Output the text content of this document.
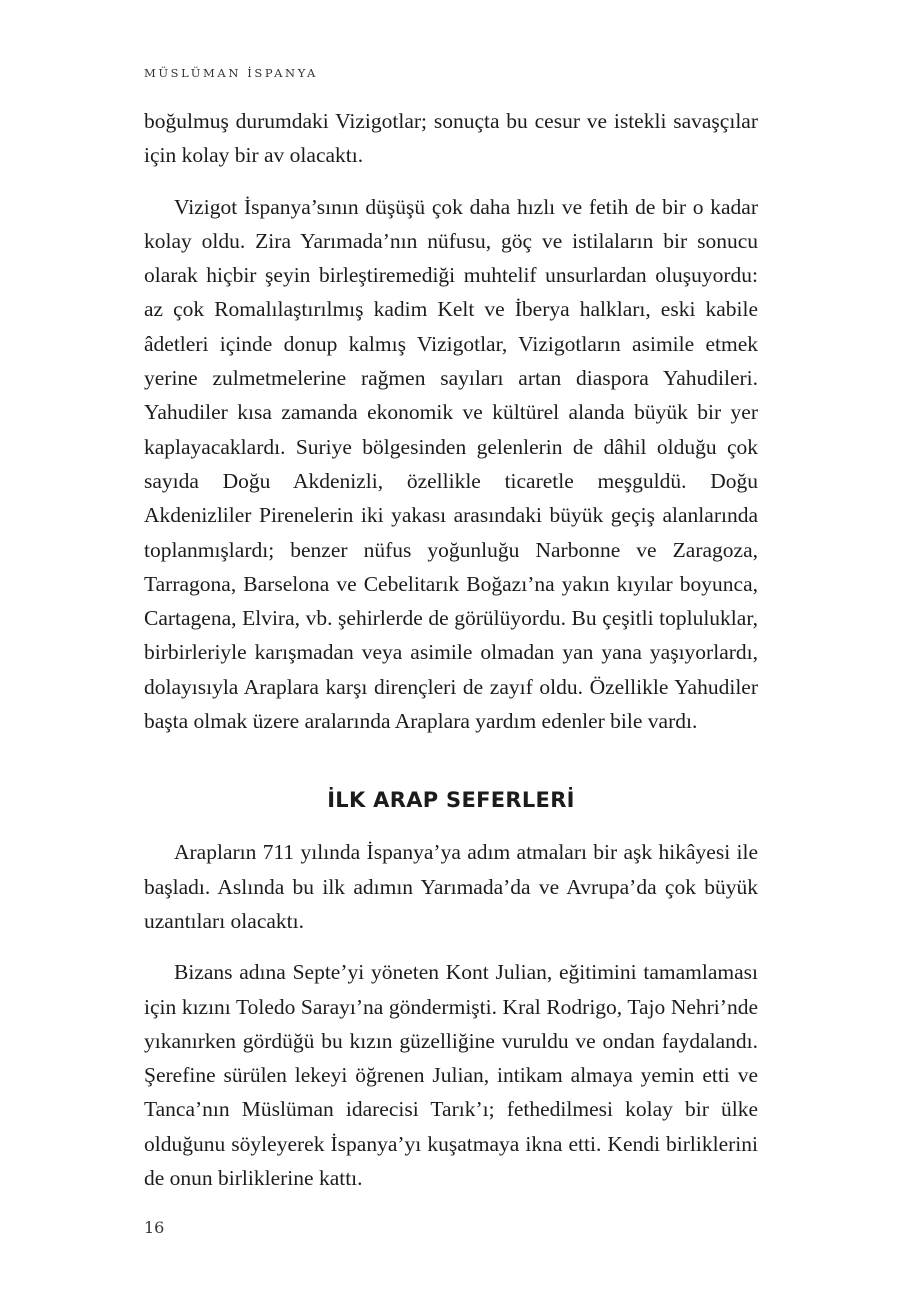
MÜSLÜMAN İSPANYA

boğulmuş durumdaki Vizigotlar; sonuçta bu cesur ve istekli savaşçılar için kolay bir av olacaktı.

Vizigot İspanya’sının düşüşü çok daha hızlı ve fetih de bir o kadar kolay oldu. Zira Yarımada’nın nüfusu, göç ve istilaların bir sonucu olarak hiçbir şeyin birleştiremediği muhtelif unsurlardan oluşuyordu: az çok Romalılaştırılmış kadim Kelt ve İberya halkları, eski kabile âdetleri içinde donup kalmış Vizigotlar, Vizigotların asimile etmek yerine zulmetmelerine rağmen sayıları artan diaspora Yahudileri. Yahudiler kısa zamanda ekonomik ve kültürel alanda büyük bir yer kaplayacaklardı. Suriye bölgesinden gelenlerin de dâhil olduğu çok sayıda Doğu Akdenizli, özellikle ticaretle meşguldü. Doğu Akdenizliler Pirenelerin iki yakası arasındaki büyük geçiş alanlarında toplanmışlardı; benzer nüfus yoğunluğu Narbonne ve Zaragoza, Tarragona, Barselona ve Cebelitarık Boğazı’na yakın kıyılar boyunca, Cartagena, Elvira, vb. şehirlerde de görülüyordu. Bu çeşitli topluluklar, birbirleriyle karışmadan veya asimile olmadan yan yana yaşıyorlardı, dolayısıyla Araplara karşı dirençleri de zayıf oldu. Özellikle Yahudiler başta olmak üzere aralarında Araplara yardım edenler bile vardı.

İLK ARAP SEFERLERİ

Arapların 711 yılında İspanya’ya adım atmaları bir aşk hikâyesi ile başladı. Aslında bu ilk adımın Yarımada’da ve Avrupa’da çok büyük uzantıları olacaktı.

Bizans adına Septe’yi yöneten Kont Julian, eğitimini tamamlaması için kızını Toledo Sarayı’na göndermişti. Kral Rodrigo, Tajo Nehri’nde yıkanırken gördüğü bu kızın güzelliğine vuruldu ve ondan faydalandı. Şerefine sürülen lekeyi öğrenen Julian, intikam almaya yemin etti ve Tanca’nın Müslüman idarecisi Tarık’ı; fethedilmesi kolay bir ülke olduğunu söyleyerek İspanya’yı kuşatmaya ikna etti. Kendi birliklerini de onun birliklerine kattı.

16
